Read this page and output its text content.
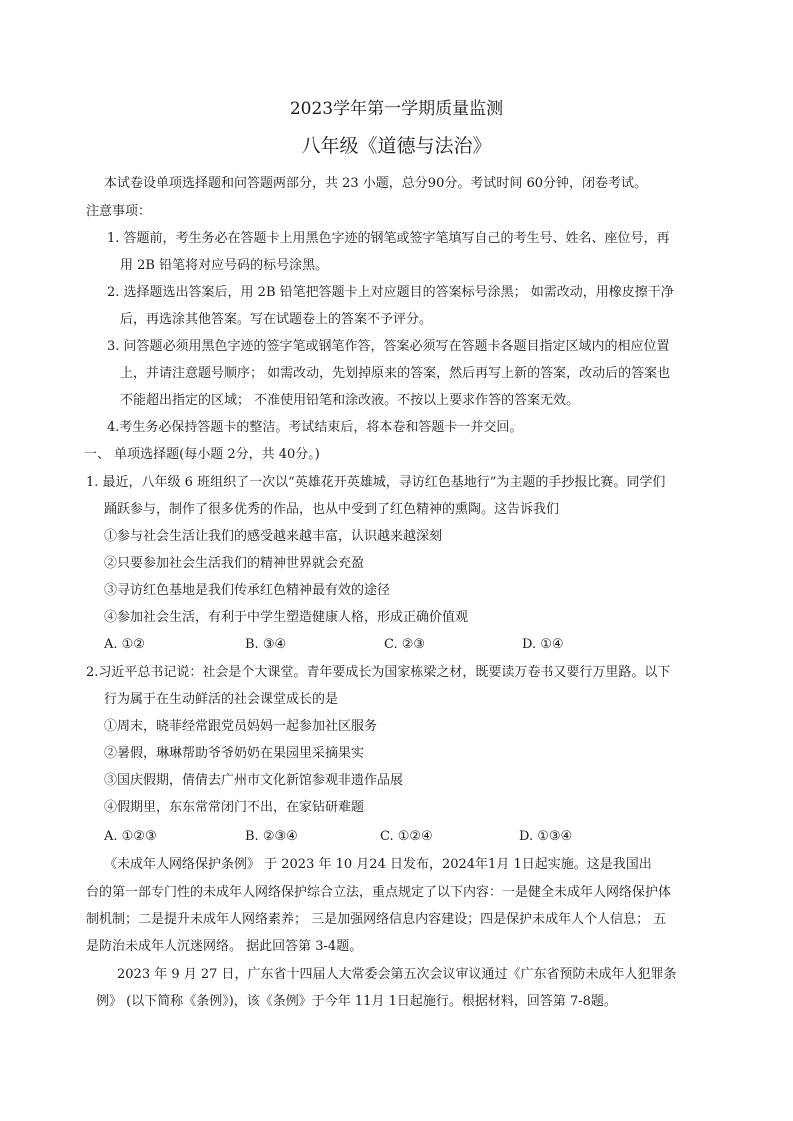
2023学年第一学期质量监测
八年级《道德与法治》
本试卷设单项选择题和问答题两部分，共 23 小题，总分90分。考试时间 60分钟，闭卷考试。
注意事项：
1. 答题前，考生务必在答题卡上用黑色字迹的钢笔或签字笔填写自己的考生号、姓名、座位号，再
用 2B 铅笔将对应号码的标号涂黑。
2. 选择题选出答案后，用 2B 铅笔把答题卡上对应题目的答案标号涂黑； 如需改动，用橡皮擦干净
后，再选涂其他答案。写在试题卷上的答案不予评分。
3. 问答题必须用黑色字迹的签字笔或钢笔作答，答案必须写在答题卡各题目指定区域内的相应位置
上，并请注意题号顺序； 如需改动，先划掉原来的答案，然后再写上新的答案，改动后的答案也
不能超出指定的区域； 不准使用铅笔和涂改液。不按以上要求作答的答案无效。
4.考生务必保持答题卡的整洁。考试结束后，将本卷和答题卡一并交回。
一、 单项选择题(每小题 2分，共 40分。)
1. 最近，八年级 6 班组织了一次以“英雄花开英雄城，寻访红色基地行”为主题的手抄报比赛。同学们
踊跃参与，制作了很多优秀的作品，也从中受到了红色精神的熏陶。这告诉我们
①参与社会生活让我们的感受越来越丰富，认识越来越深刻
②只要参加社会生活我们的精神世界就会充盈
③寻访红色基地是我们传承红色精神最有效的途径
④参加社会生活，有利于中学生塑造健康人格，形成正确价值观
A. ①②	B. ③④	C. ②③	D. ①④
2.习近平总书记说：社会是个大课堂。青年要成长为国家栋梁之材，既要读万卷书又要行万里路。以下
行为属于在生动鲜活的社会课堂成长的是
①周末，晓菲经常跟党员妈妈一起参加社区服务
②暑假，琳琳帮助爷爷奶奶在果园里采摘果实
③国庆假期，倩倩去广州市文化新馆参观非遗作品展
④假期里，东东常常闭门不出，在家钻研难题
A. ①②③	B. ②③④	C. ①②④	D. ①③④
《未成年人网络保护条例》 于 2023 年 10 月24 日发布，2024年1月 1日起实施。这是我国出
台的第一部专门性的未成年人网络保护综合立法，重点规定了以下内容：一是健全未成年人网络保护体
制机制；二是提升未成年人网络素养； 三是加强网络信息内容建设；四是保护未成年人个人信息； 五
是防治未成年人沉迷网络。 据此回答第 3-4题。
2023 年 9 月 27 日，广东省十四届人大常委会第五次会议审议通过《广东省预防未成年人犯罪条
例》 (以下简称《条例》)，该《条例》于今年 11月 1日起施行。根据材料，回答第 7-8题。
